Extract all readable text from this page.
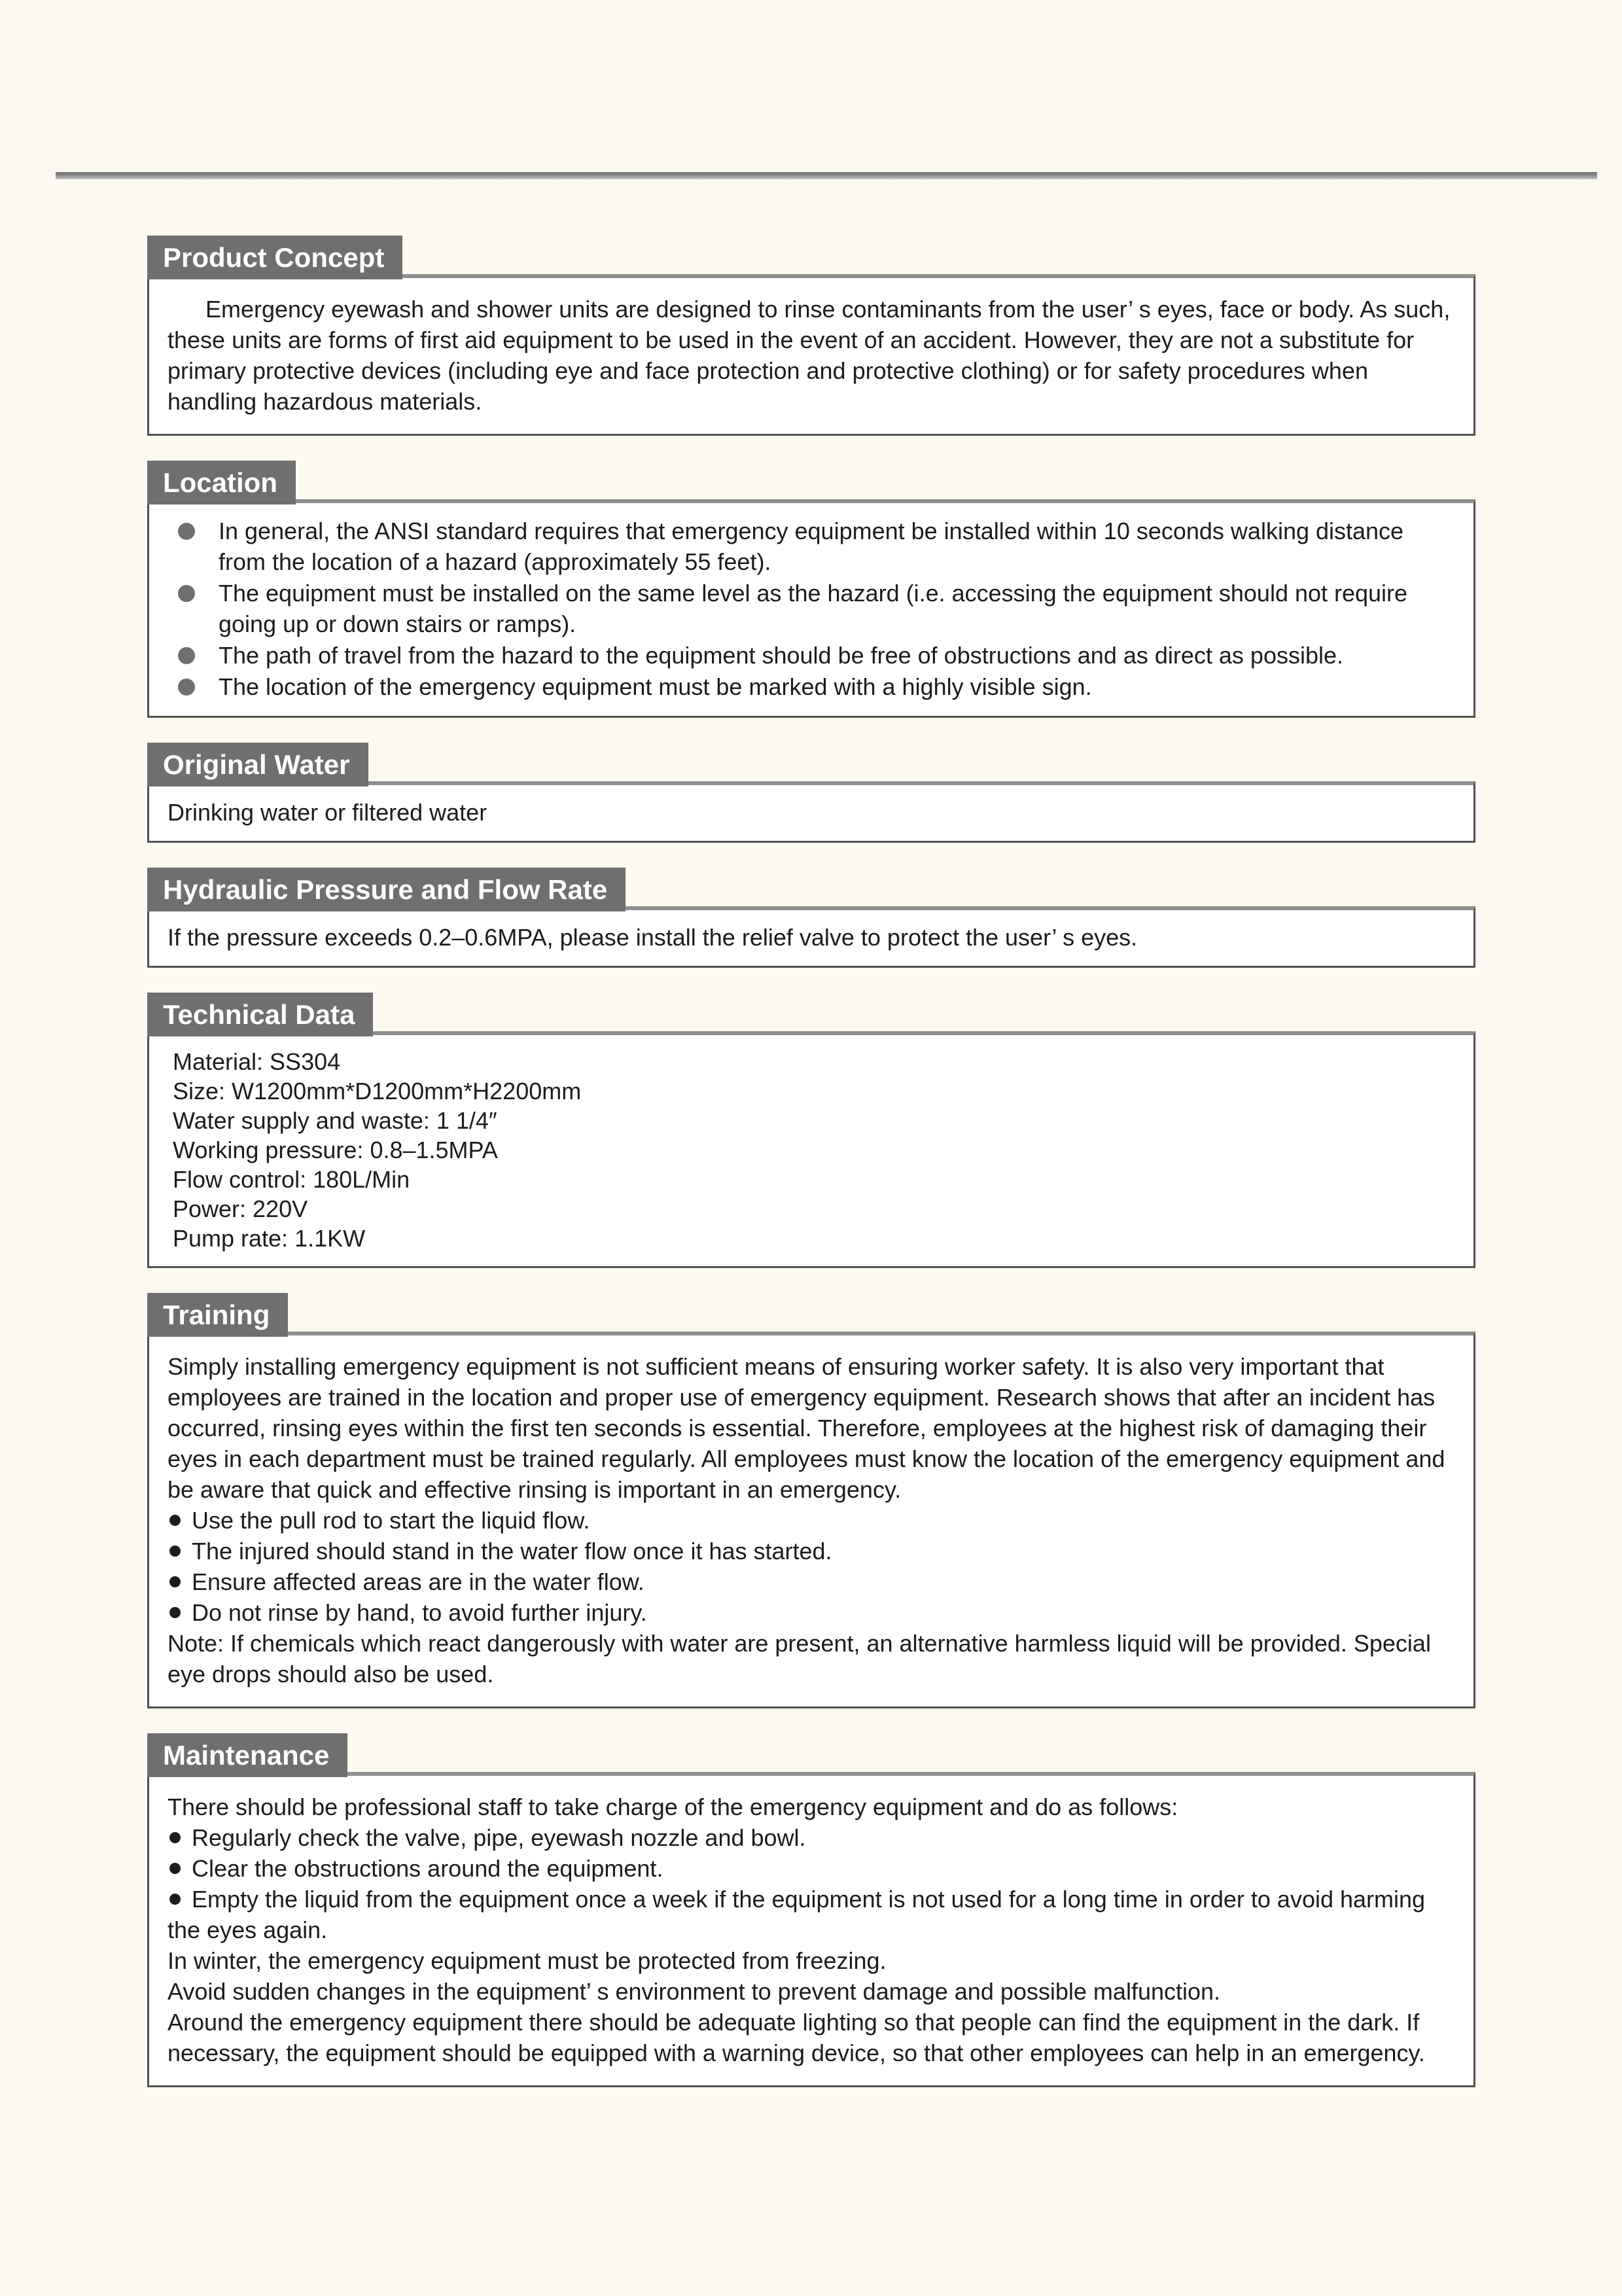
Product Concept

Emergency eyewash and shower units are designed to rinse contaminants from the user’ s eyes, face or body. As such, these units are forms of first aid equipment to be used in the event of an accident. However, they are not a substitute for primary protective devices (including eye and face protection and protective clothing) or for safety procedures when handling hazardous materials.

Location
In general, the ANSI standard requires that emergency equipment be installed within 10 seconds walking distance from the location of a hazard (approximately 55 feet).
The equipment must be installed on the same level as the hazard (i.e. accessing the equipment should not require going up or down stairs or ramps).
The path of travel from the hazard to the equipment should be free of obstructions and as direct as possible.
The location of the emergency equipment must be marked with a highly visible sign.
Original Water

Drinking water or filtered water

Hydraulic Pressure and Flow Rate

If the pressure exceeds 0.2–0.6MPA, please install the relief valve to protect the user’ s eyes.

Technical Data

Material: SS304

Size: W1200mm*D1200mm*H2200mm

Water supply and waste: 1 1/4″

Working pressure: 0.8–1.5MPA

Flow control: 180L/Min

Power: 220V

Pump rate: 1.1KW

Training

Simply installing emergency equipment is not sufficient means of ensuring worker safety. It is also very important that employees are trained in the location and proper use of emergency equipment. Research shows that after an incident has occurred, rinsing eyes within the first ten seconds is essential. Therefore, employees at the highest risk of damaging their eyes in each department must be trained regularly. All employees must know the location of the emergency equipment and be aware that quick and effective rinsing is important in an emergency.

Use the pull rod to start the liquid flow.

The injured should stand in the water flow once it has started.

Ensure affected areas are in the water flow.

Do not rinse by hand, to avoid further injury.

Note: If chemicals which react dangerously with water are present, an alternative harmless liquid will be provided. Special eye drops should also be used.

Maintenance

There should be professional staff to take charge of the emergency equipment and do as follows:

Regularly check the valve, pipe, eyewash nozzle and bowl.

Clear the obstructions around the equipment.

Empty the liquid from the equipment once a week if the equipment is not used for a long time in order to avoid harming the eyes again.

In winter, the emergency equipment must be protected from freezing.

Avoid sudden changes in the equipment’ s environment to prevent damage and possible malfunction.

Around the emergency equipment there should be adequate lighting so that people can find the equipment in the dark. If necessary, the equipment should be equipped with a warning device, so that other employees can help in an emergency.
